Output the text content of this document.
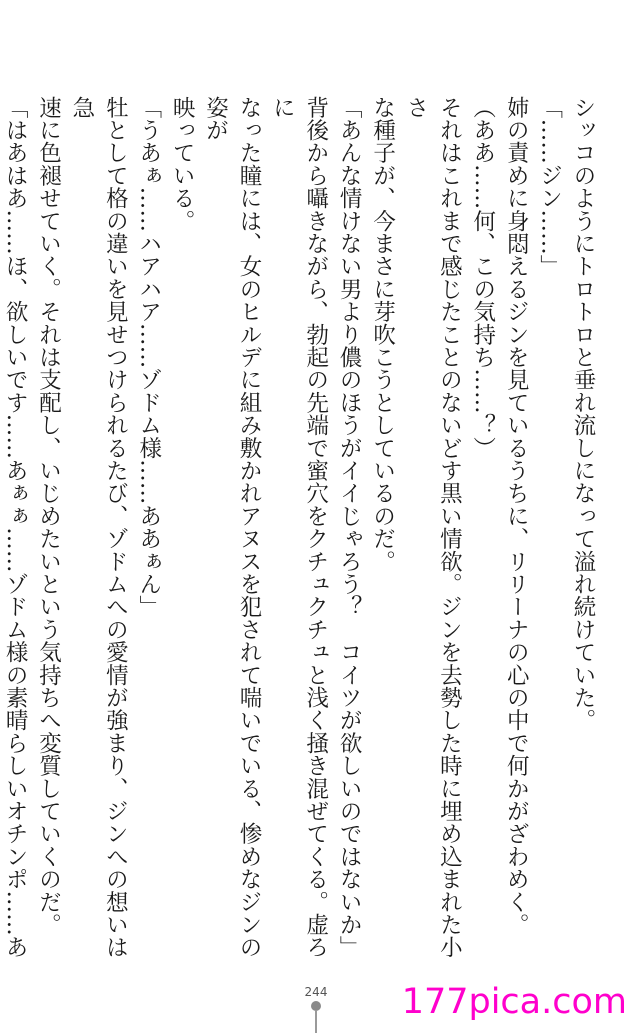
シッコのようにトロトロと垂れ流しになって溢れ続けていた。

「……ジン……」

姉の責めに身悶えるジンを見ているうちに、リリーナの心の中で何かがざわめく。

（ああ……何、この気持ち……？）

それはこれまで感じたことのないどす黒い情欲。ジンを去勢した時に埋め込まれた小さ

な種子が、今まさに芽吹こうとしているのだ。

「あんな情けない男より儂のほうがイイじゃろう？　コイツが欲しいのではないか」

背後から囁きながら、勃起の先端で蜜穴をクチュクチュと浅く掻き混ぜてくる。虚ろに

なった瞳には、女のヒルデに組み敷かれアヌスを犯されて喘いでいる、惨めなジンの姿が

映っている。

「うあぁ……ハアハア……ゾドム様……ああぁん」

牡として格の違いを見せつけられるたび、ゾドムへの愛情が強まり、ジンへの想いは急

速に色褪せていく。それは支配し、いじめたいという気持ちへ変質していくのだ。

「はあはあ……ほ、欲しいです……あぁぁ……ゾドム様の素晴らしいオチンポ……あ

244 177pica.com
